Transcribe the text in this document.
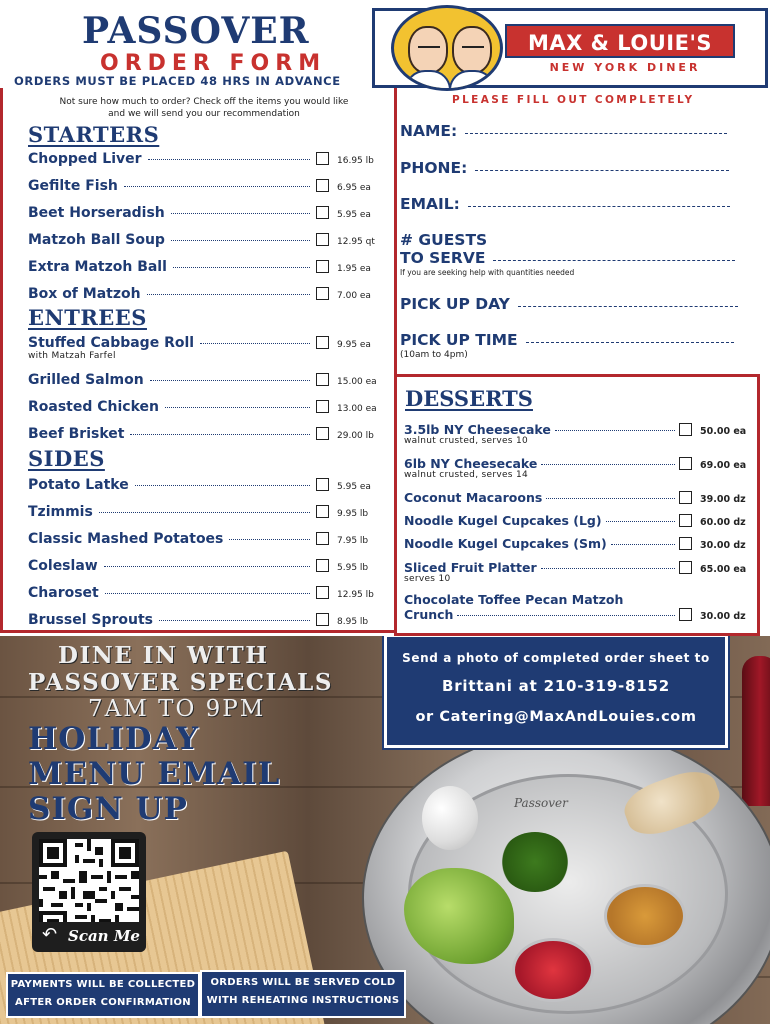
PASSOVER
ORDER FORM
ORDERS MUST BE PLACED 48 HRS IN ADVANCE
MAX & LOUIE'S
NEW YORK DINER
Not sure how much to order? Check off the items you would like
and we will send you our recommendation
STARTERS
Chopped Liver	16.95 lb
Gefilte Fish	6.95 ea
Beet Horseradish	5.95 ea
Matzoh Ball Soup	12.95 qt
Extra Matzoh Ball	1.95 ea
Box of Matzoh	7.00 ea
ENTREES
Stuffed Cabbage Roll	9.95 ea
with Matzah Farfel
Grilled Salmon	15.00 ea
Roasted Chicken	13.00 ea
Beef Brisket	29.00 lb
SIDES
Potato Latke	5.95 ea
Tzimmis	9.95 lb
Classic Mashed Potatoes	7.95 lb
Coleslaw	5.95 lb
Charoset	12.95 lb
Brussel Sprouts	8.95 lb
PLEASE FILL OUT COMPLETELY
NAME:
PHONE:
EMAIL:
# GUESTS
TO SERVE
If you are seeking help with quantities needed
PICK UP DAY
PICK UP TIME
(10am to 4pm)
DESSERTS
3.5lb NY Cheesecake	50.00 ea
walnut crusted, serves 10
6lb NY Cheesecake	69.00 ea
walnut crusted, serves 14
Coconut Macaroons	39.00 dz
Noodle Kugel Cupcakes (Lg)	60.00 dz
Noodle Kugel Cupcakes (Sm)	30.00 dz
Sliced Fruit Platter	65.00 ea
serves 10
Chocolate Toffee Pecan Matzoh
Crunch	30.00 dz
Passover
DINE IN WITH
PASSOVER SPECIALS
7AM TO 9PM
HOLIDAY
MENU EMAIL
SIGN UP
↶ Scan Me
Send a photo of completed order sheet to
Brittani at 210-319-8152
or Catering@MaxAndLouies.com
PAYMENTS WILL BE COLLECTED
AFTER ORDER CONFIRMATION
ORDERS WILL BE SERVED COLD
WITH REHEATING INSTRUCTIONS
